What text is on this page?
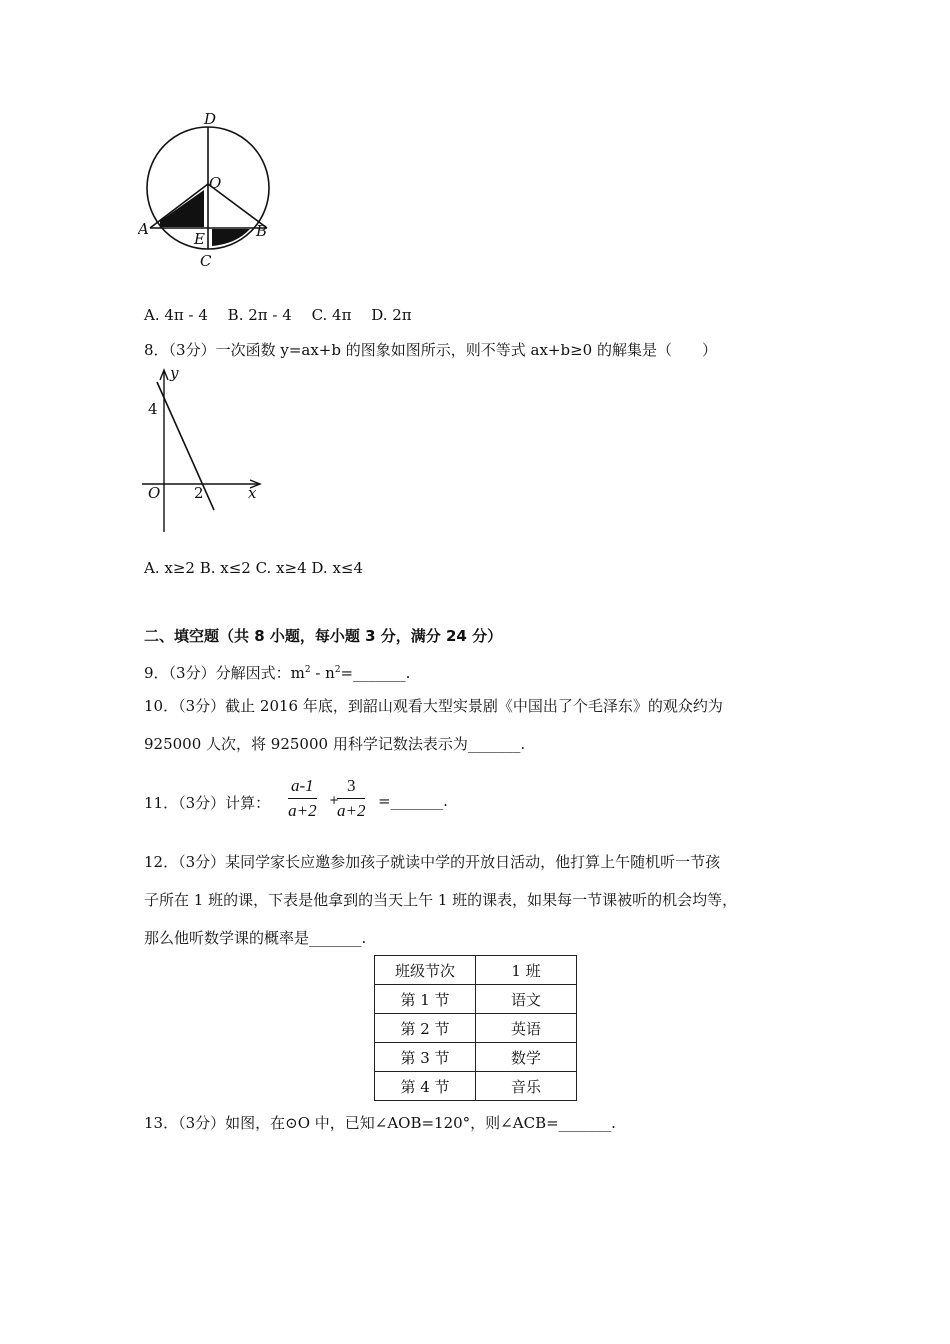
D
O
A
E	B
C
A. 4π - 4　 B. 2π - 4　 C. 4π　 D. 2π
8．（3分）一次函数 y=ax+b 的图象如图所示，则不等式 ax+b≥0 的解集是（　　）
y
x
O
4
2
A. x≥2 B. x≤2 C. x≥4 D. x≤4
二、填空题（共 8 小题，每小题 3 分，满分 24 分）
9．（3分）分解因式：$m^2$ - $n^2=\_\_\_\_\_\_\_$.
10．（3分）截止 2016 年底，到韶山观看大型实景剧《中国出了个毛泽东》的观众约为
925000 人次，将 925000 用科学记数法表示为_______.
11．（3分）计算： $\frac{a-1}{a+2}$ +
$\frac{3}{a+2}$ =_______.
12．（3分）某同学家长应邀参加孩子就读中学的开放日活动，他打算上午随机听一节孩
子所在 1 班的课，下表是他拿到的当天上午 1 班的课表，如果每一节课被听的机会均等，
那么他听数学课的概率是_______.
班级节次	1 班
第 1 节	语文
第 2 节	英语
第 3 节	数学
第 4 节	音乐
13．（3分）如图，在⊙O 中，已知∠AOB=120°，则∠ACB=_______.
